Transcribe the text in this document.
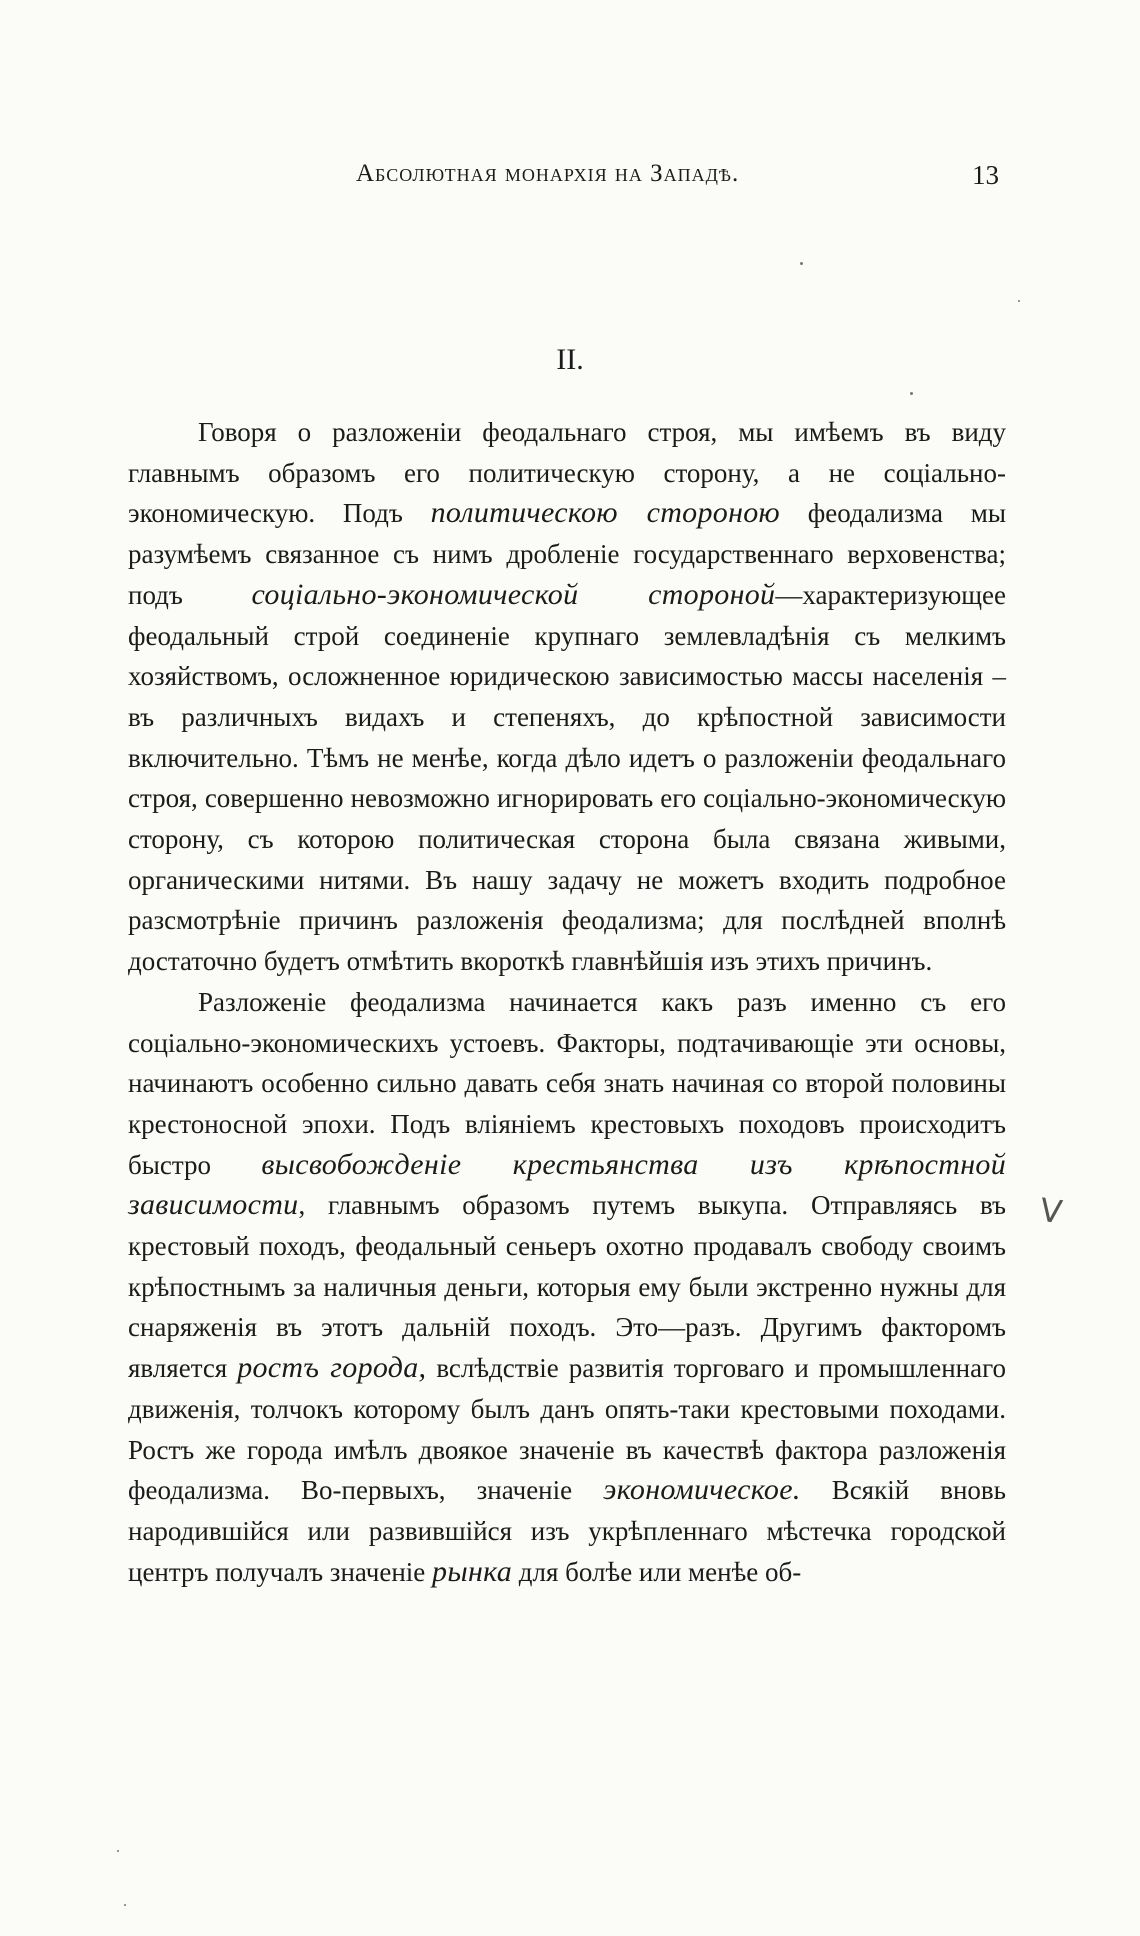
Абсолютная монархія на Западѣ.	13
II.

Говоря о разложеніи феодальнаго строя, мы имѣемъ въ виду главнымъ образомъ его политическую сторону, а не соціально-экономическую. Подъ политическою стороною феодализма мы разумѣемъ связанное съ нимъ дробленіе государственнаго верховенства; подъ соціально-экономической стороной—характеризующее феодальный строй соединеніе крупнаго землевладѣнія съ мелкимъ хозяйствомъ, осложненное юридическою зависимостью массы населенія – въ различныхъ видахъ и степеняхъ, до крѣпостной зависимости включительно. Тѣмъ не менѣе, когда дѣло идетъ о разложеніи феодальнаго строя, совершенно невозможно игнорировать его соціально-экономическую сторону, съ которою политическая сторона была связана живыми, органическими нитями. Въ нашу задачу не можетъ входить подробное разсмотрѣніе причинъ разложенія феодализма; для послѣдней вполнѣ достаточно будетъ отмѣтить вкороткѣ главнѣйшія изъ этихъ причинъ.

Разложеніе феодализма начинается какъ разъ именно съ его соціально-экономическихъ устоевъ. Факторы, подтачивающіе эти основы, начинаютъ особенно сильно давать себя знать начиная со второй половины крестоносной эпохи. Подъ вліяніемъ крестовыхъ походовъ происходитъ быстро высвобожденіе крестьянства изъ крѣпостной зависимости, главнымъ образомъ путемъ выкупа. Отправляясь въ крестовый походъ, феодальный сеньеръ охотно продавалъ свободу своимъ крѣпостнымъ за наличныя деньги, которыя ему были экстренно нужны для снаряженія въ этотъ дальній походъ. Это—разъ. Другимъ факторомъ является ростъ города, вслѣдствіе развитія торговаго и промышленнаго движенія, толчокъ которому былъ данъ опять-таки крестовыми походами. Ростъ же города имѣлъ двоякое значеніе въ качествѣ фактора разложенія феодализма. Во-первыхъ, значеніе экономическое. Всякій вновь народившійся или развившійся изъ укрѣпленнаго мѣстечка городской центръ получалъ значеніе рынка для болѣе или менѣе об-

V
